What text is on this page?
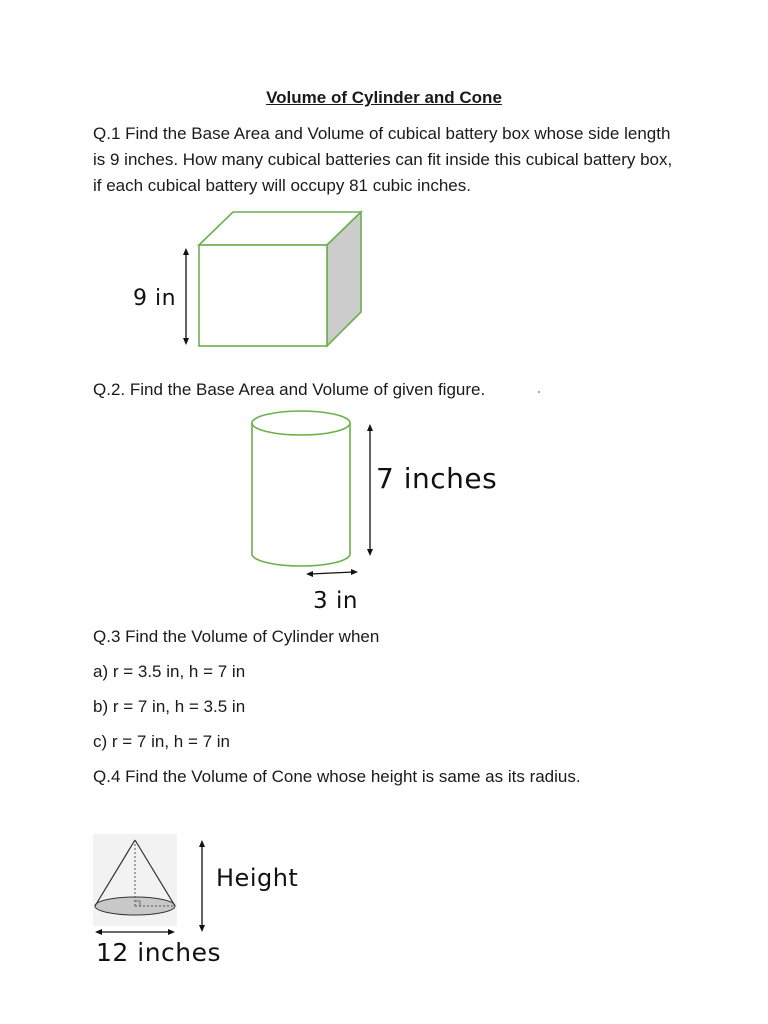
Volume of Cylinder and Cone

Q.1 Find the Base Area and Volume of cubical battery box whose side length is 9 inches. How many cubical batteries can fit inside this cubical battery box, if each cubical battery will occupy 81 cubic inches.

9 in

Q.2. Find the Base Area and Volume of given figure.

7 inches
3 in

Q.3 Find the Volume of Cylinder when

a) r = 3.5 in, h = 7 in

b) r = 7 in, h = 3.5 in

c) r = 7 in, h = 7 in

Q.4 Find the Volume of Cone whose height is same as its radius.

Height
12 inches
